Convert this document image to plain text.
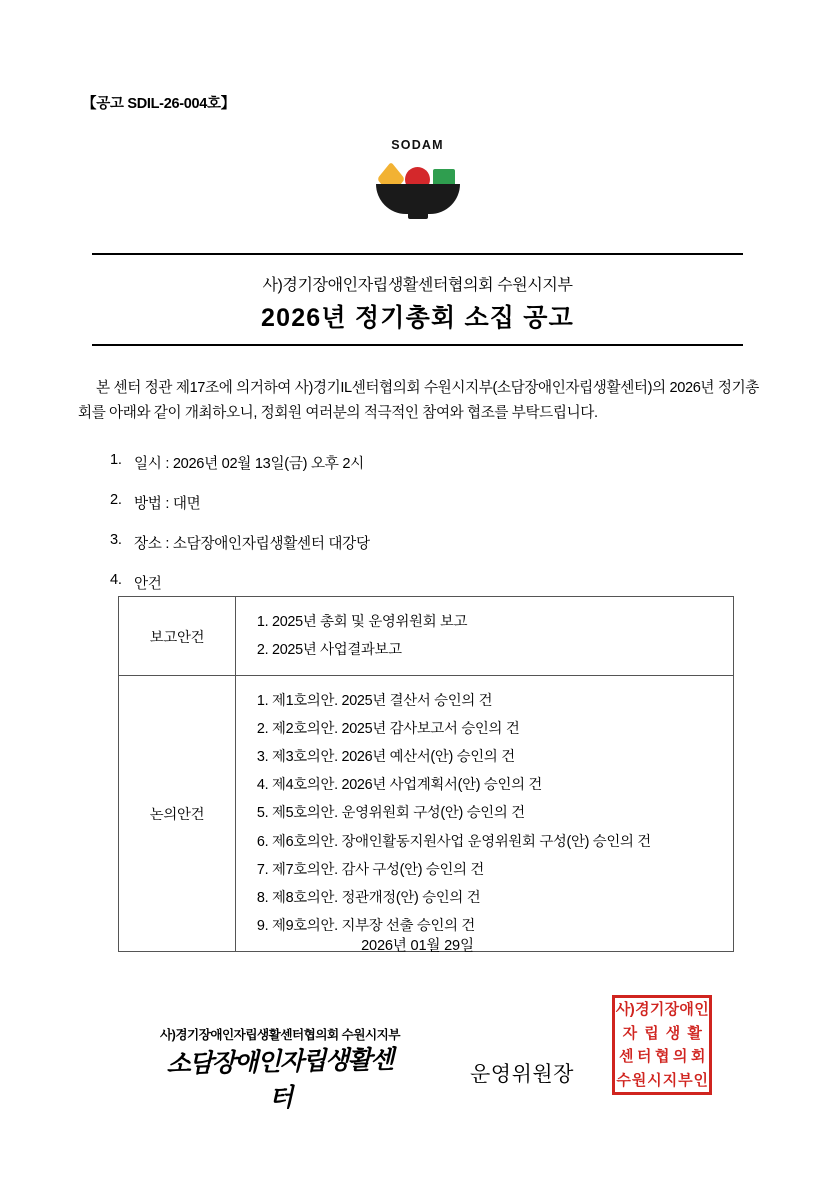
【공고 SDIL-26-004호】
SODAM
사)경기장애인자립생활센터협의회 수원시지부
2026년 정기총회 소집 공고
본 센터 정관 제17조에 의거하여 사)경기IL센터협의회 수원시지부(소담장애인자립생활센터)의 2026년 정기총회를 아래와 같이 개최하오니, 정회원 여러분의 적극적인 참여와 협조를 부탁드립니다.
1. 일시 : 2026년 02월 13일(금) 오후 2시
2. 방법 : 대면
3. 장소 : 소담장애인자립생활센터 대강당
4. 안건
보고안건	
1. 2025년 총회 및 운영위원회 보고
2. 2025년 사업결과보고

논의안건	
1. 제1호의안. 2025년 결산서 승인의 건
2. 제2호의안. 2025년 감사보고서 승인의 건
3. 제3호의안. 2026년 예산서(안) 승인의 건
4. 제4호의안. 2026년 사업계획서(안) 승인의 건
5. 제5호의안. 운영위원회 구성(안) 승인의 건
6. 제6호의안. 장애인활동지원사업 운영위원회 구성(안) 승인의 건
7. 제7호의안. 감사 구성(안) 승인의 건
8. 제8호의안. 정관개정(안) 승인의 건
9. 제9호의안. 지부장 선출 승인의 건
2026년 01월 29일
사)경기장애인자립생활센터협의회 수원시지부
소담장애인자립생활센터
운영위원장
사) 경 기 장 애 인
자 립 생 활
센 터 협 의 회
수 원 시 지 부 인
